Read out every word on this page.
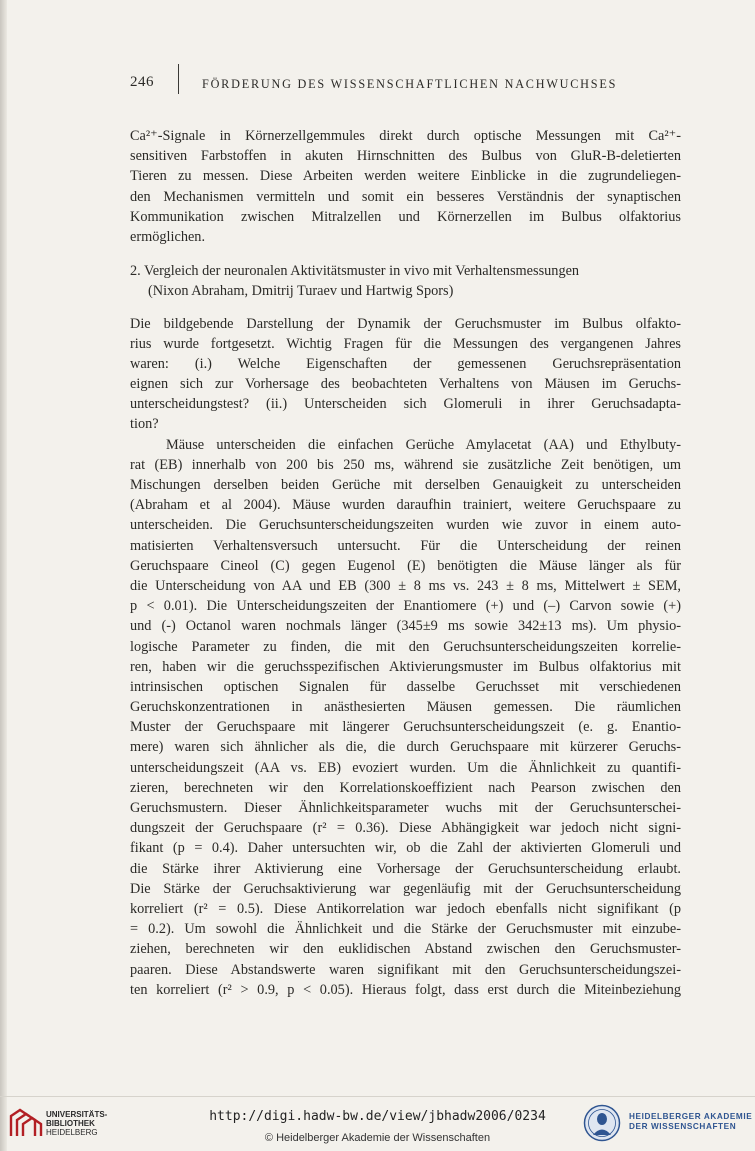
246	FÖRDERUNG DES WISSENSCHAFTLICHEN NACHWUCHSES
Ca²⁺-Signale in Körnerzellgemmules direkt durch optische Messungen mit Ca²⁺-
sensitiven Farbstoffen in akuten Hirnschnitten des Bulbus von GluR-B-deletierten
Tieren zu messen. Diese Arbeiten werden weitere Einblicke in die zugrundeliegen-
den Mechanismen vermitteln und somit ein besseres Verständnis der synaptischen
Kommunikation zwischen Mitralzellen und Körnerzellen im Bulbus olfaktorius
ermöglichen.
2. Vergleich der neuronalen Aktivitätsmuster in vivo mit Verhaltensmessungen
(Nixon Abraham, Dmitrij Turaev und Hartwig Spors)
Die bildgebende Darstellung der Dynamik der Geruchsmuster im Bulbus olfakto-
rius wurde fortgesetzt. Wichtig Fragen für die Messungen des vergangenen Jahres
waren: (i.) Welche Eigenschaften der gemessenen Geruchsrepräsentation
eignen sich zur Vorhersage des beobachteten Verhaltens von Mäusen im Geruchs-
unterscheidungstest? (ii.) Unterscheiden sich Glomeruli in ihrer Geruchsadapta-
tion?
Mäuse unterscheiden die einfachen Gerüche Amylacetat (AA) und Ethylbuty-
rat (EB) innerhalb von 200 bis 250 ms, während sie zusätzliche Zeit benötigen, um
Mischungen derselben beiden Gerüche mit derselben Genauigkeit zu unterscheiden
(Abraham et al 2004). Mäuse wurden daraufhin trainiert, weitere Geruchspaare zu
unterscheiden. Die Geruchsunterscheidungszeiten wurden wie zuvor in einem auto-
matisierten Verhaltensversuch untersucht. Für die Unterscheidung der reinen
Geruchspaare Cineol (C) gegen Eugenol (E) benötigten die Mäuse länger als für
die Unterscheidung von AA und EB (300 ± 8 ms vs. 243 ± 8 ms, Mittelwert ± SEM,
p < 0.01). Die Unterscheidungszeiten der Enantiomere (+) und (–) Carvon sowie (+)
und (-) Octanol waren nochmals länger (345±9 ms sowie 342±13 ms). Um physio-
logische Parameter zu finden, die mit den Geruchsunterscheidungszeiten korrelie-
ren, haben wir die geruchsspezifischen Aktivierungsmuster im Bulbus olfaktorius mit
intrinsischen optischen Signalen für dasselbe Geruchsset mit verschiedenen
Geruchskonzentrationen in anästhesierten Mäusen gemessen. Die räumlichen
Muster der Geruchspaare mit längerer Geruchsunterscheidungszeit (e. g. Enantio-
mere) waren sich ähnlicher als die, die durch Geruchspaare mit kürzerer Geruchs-
unterscheidungszeit (AA vs. EB) evoziert wurden. Um die Ähnlichkeit zu quantifi-
zieren, berechneten wir den Korrelationskoeffizient nach Pearson zwischen den
Geruchsmustern. Dieser Ähnlichkeitsparameter wuchs mit der Geruchsunterschei-
dungszeit der Geruchspaare (r² = 0.36). Diese Abhängigkeit war jedoch nicht signi-
fikant (p = 0.4). Daher untersuchten wir, ob die Zahl der aktivierten Glomeruli und
die Stärke ihrer Aktivierung eine Vorhersage der Geruchsunterscheidung erlaubt.
Die Stärke der Geruchsaktivierung war gegenläufig mit der Geruchsunterscheidung
korreliert (r² = 0.5). Diese Antikorrelation war jedoch ebenfalls nicht signifikant (p
= 0.2). Um sowohl die Ähnlichkeit und die Stärke der Geruchsmuster mit einzube-
ziehen, berechneten wir den euklidischen Abstand zwischen den Geruchsmuster-
paaren. Diese Abstandswerte waren signifikant mit den Geruchsunterscheidungszei-
ten korreliert (r² > 0.9, p < 0.05). Hieraus folgt, dass erst durch die Miteinbeziehung
UNIVERSITÄTS-
BIBLIOTHEK
HEIDELBERG
http://digi.hadw-bw.de/view/jbhadw2006/0234
© Heidelberger Akademie der Wissenschaften
HEIDELBERGER AKADEMIE
DER WISSENSCHAFTEN
